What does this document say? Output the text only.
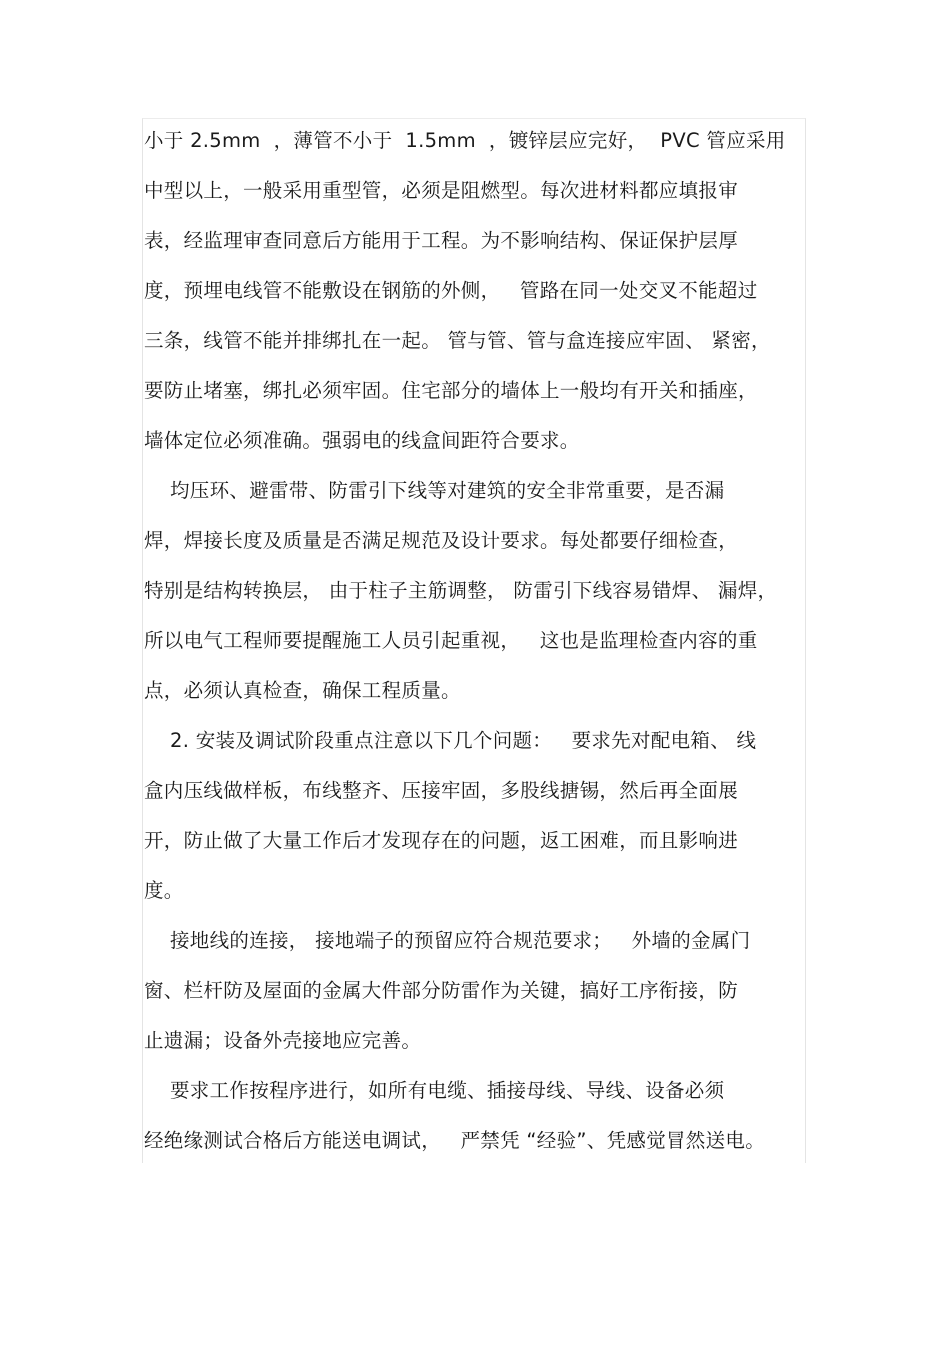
小于 2.5mm  ，薄管不小于  1.5mm  ，镀锌层应完好，  PVC 管应采用
中型以上，一般采用重型管，必须是阻燃型。每次进材料都应填报审
表，经监理审查同意后方能用于工程。为不影响结构、保证保护层厚
度，预埋电线管不能敷设在钢筋的外侧，   管路在同一处交叉不能超过
三条，线管不能并排绑扎在一起。 管与管、管与盒连接应牢固、 紧密，
要防止堵塞，绑扎必须牢固。住宅部分的墙体上一般均有开关和插座，
墙体定位必须准确。强弱电的线盒间距符合要求。
均压环、避雷带、防雷引下线等对建筑的安全非常重要，是否漏
焊，焊接长度及质量是否满足规范及设计要求。每处都要仔细检查，
特别是结构转换层， 由于柱子主筋调整， 防雷引下线容易错焊、 漏焊，
所以电气工程师要提醒施工人员引起重视，   这也是监理检查内容的重
点，必须认真检查，确保工程质量。
2. 安装及调试阶段重点注意以下几个问题：   要求先对配电箱、 线
盒内压线做样板，布线整齐、压接牢固，多股线搪锡，然后再全面展
开，防止做了大量工作后才发现存在的问题，返工困难，而且影响进
度。
接地线的连接， 接地端子的预留应符合规范要求；   外墙的金属门
窗、栏杆防及屋面的金属大件部分防雷作为关键，搞好工序衔接，防
止遗漏；设备外壳接地应完善。
要求工作按程序进行，如所有电缆、插接母线、导线、设备必须
经绝缘测试合格后方能送电调试，   严禁凭 “经验”、凭感觉冒然送电。
